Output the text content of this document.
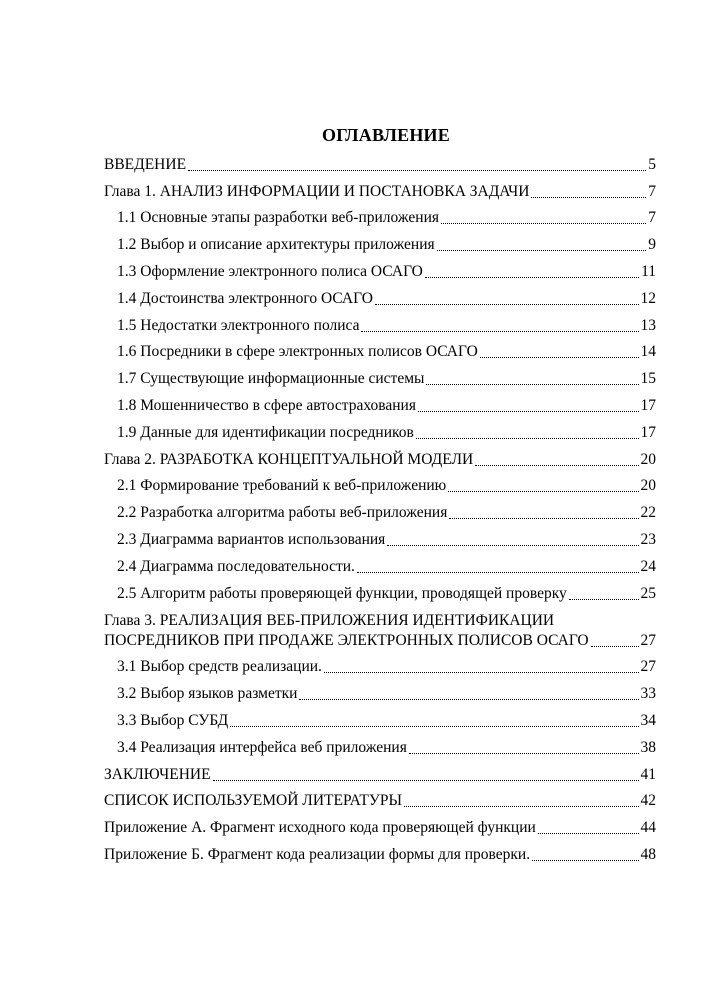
ОГЛАВЛЕНИЕ
ВВЕДЕНИЕ	5
Глава 1. АНАЛИЗ ИНФОРМАЦИИ И ПОСТАНОВКА ЗАДАЧИ	7
1.1 Основные этапы разработки веб-приложения	7
1.2 Выбор и описание архитектуры приложения	9
1.3 Оформление электронного полиса ОСАГО	11
1.4 Достоинства электронного ОСАГО	12
1.5 Недостатки электронного полиса	13
1.6 Посредники в сфере электронных полисов ОСАГО	14
1.7 Существующие информационные системы	15
1.8 Мошенничество в сфере автострахования	17
1.9 Данные для идентификации посредников	17
Глава 2. РАЗРАБОТКА КОНЦЕПТУАЛЬНОЙ МОДЕЛИ	20
2.1 Формирование требований к веб-приложению	20
2.2 Разработка алгоритма работы веб-приложения	22
2.3 Диаграмма вариантов использования	23
2.4 Диаграмма последовательности.	24
2.5 Алгоритм работы проверяющей функции, проводящей проверку	25
Глава 3. РЕАЛИЗАЦИЯ ВЕБ-ПРИЛОЖЕНИЯ ИДЕНТИФИКАЦИИ
ПОСРЕДНИКОВ ПРИ ПРОДАЖЕ ЭЛЕКТРОННЫХ ПОЛИСОВ ОСАГО	27
3.1 Выбор средств реализации.	27
3.2 Выбор языков разметки	33
3.3 Выбор СУБД	34
3.4 Реализация интерфейса веб приложения	38
ЗАКЛЮЧЕНИЕ	41
СПИСОК ИСПОЛЬЗУЕМОЙ ЛИТЕРАТУРЫ	42
Приложение А. Фрагмент исходного кода проверяющей функции	44
Приложение Б. Фрагмент кода реализации формы для проверки.	48
